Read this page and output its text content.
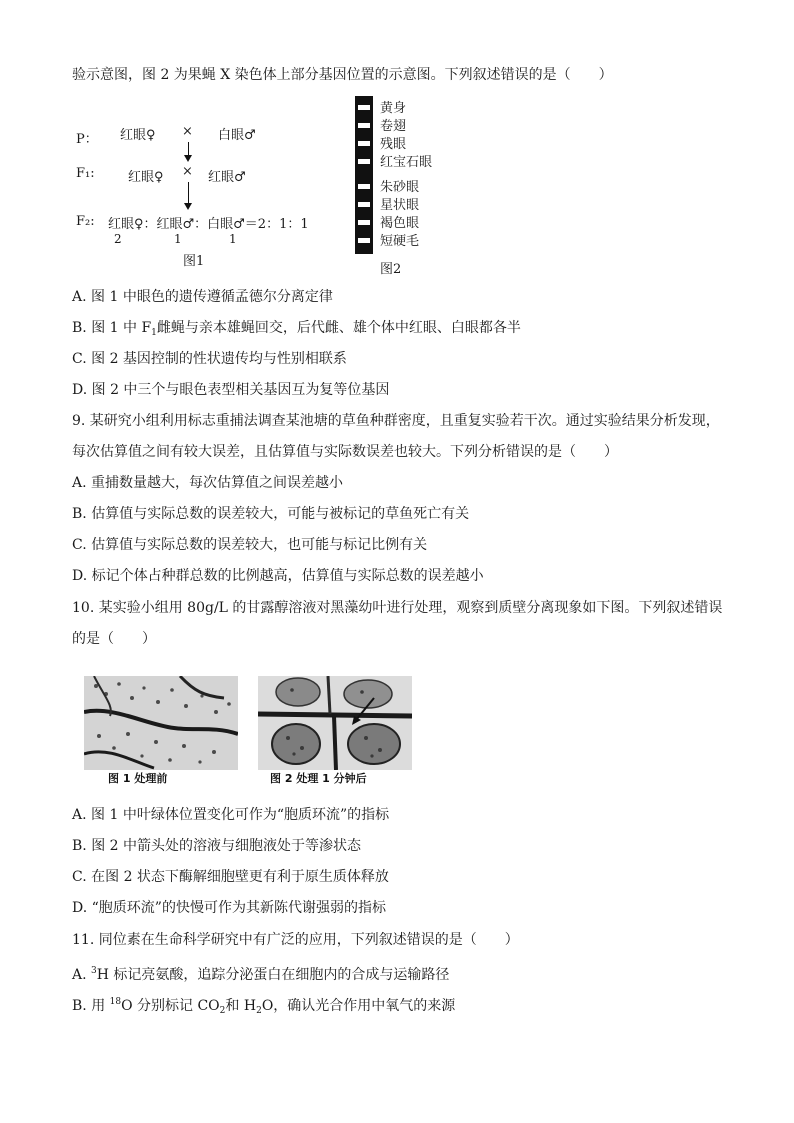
验示意图，图 2 为果蝇 X 染色体上部分基因位置的示意图。下列叙述错误的是（　　）
P： 红眼♀ × 白眼♂
F₁:	红眼♀ × 红眼♂
F₂: 红眼♀：红眼♂：白眼♂＝2：1：1
2	1	1
图1
黄身
卷翅
残眼
红宝石眼
朱砂眼
星状眼
褐色眼
短硬毛
图2
A. 图 1 中眼色的遗传遵循孟德尔分离定律
B. 图 1 中 $F_1$雌蝇与亲本雄蝇回交，后代雌、雄个体中红眼、白眼都各半
C. 图 2 基因控制的性状遗传均与性别相联系
D. 图 2 中三个与眼色表型相关基因互为复等位基因
9. 某研究小组利用标志重捕法调查某池塘的草鱼种群密度，且重复实验若干次。通过实验结果分析发现，
每次估算值之间有较大误差，且估算值与实际数误差也较大。下列分析错误的是（　　）
A. 重捕数量越大，每次估算值之间误差越小
B. 估算值与实际总数的误差较大，可能与被标记的草鱼死亡有关
C. 估算值与实际总数的误差较大，也可能与标记比例有关
D. 标记个体占种群总数的比例越高，估算值与实际总数的误差越小
10. 某实验小组用 80g/L 的甘露醇溶液对黑藻幼叶进行处理，观察到质壁分离现象如下图。下列叙述错误
的是（　　）
图 1 处理前	图 2 处理 1 分钟后
A. 图 1 中叶绿体位置变化可作为“胞质环流”的指标
B. 图 2 中箭头处的溶液与细胞液处于等渗状态
C. 在图 2 状态下酶解细胞壁更有利于原生质体释放
D. “胞质环流”的快慢可作为其新陈代谢强弱的指标
11. 同位素在生命科学研究中有广泛的应用，下列叙述错误的是（　　）
A. $^3$H 标记亮氨酸，追踪分泌蛋白在细胞内的合成与运输路径
B. 用 $^{18}$O 分别标记 $CO_2$和 $H_2O$，确认光合作用中氧气的来源
